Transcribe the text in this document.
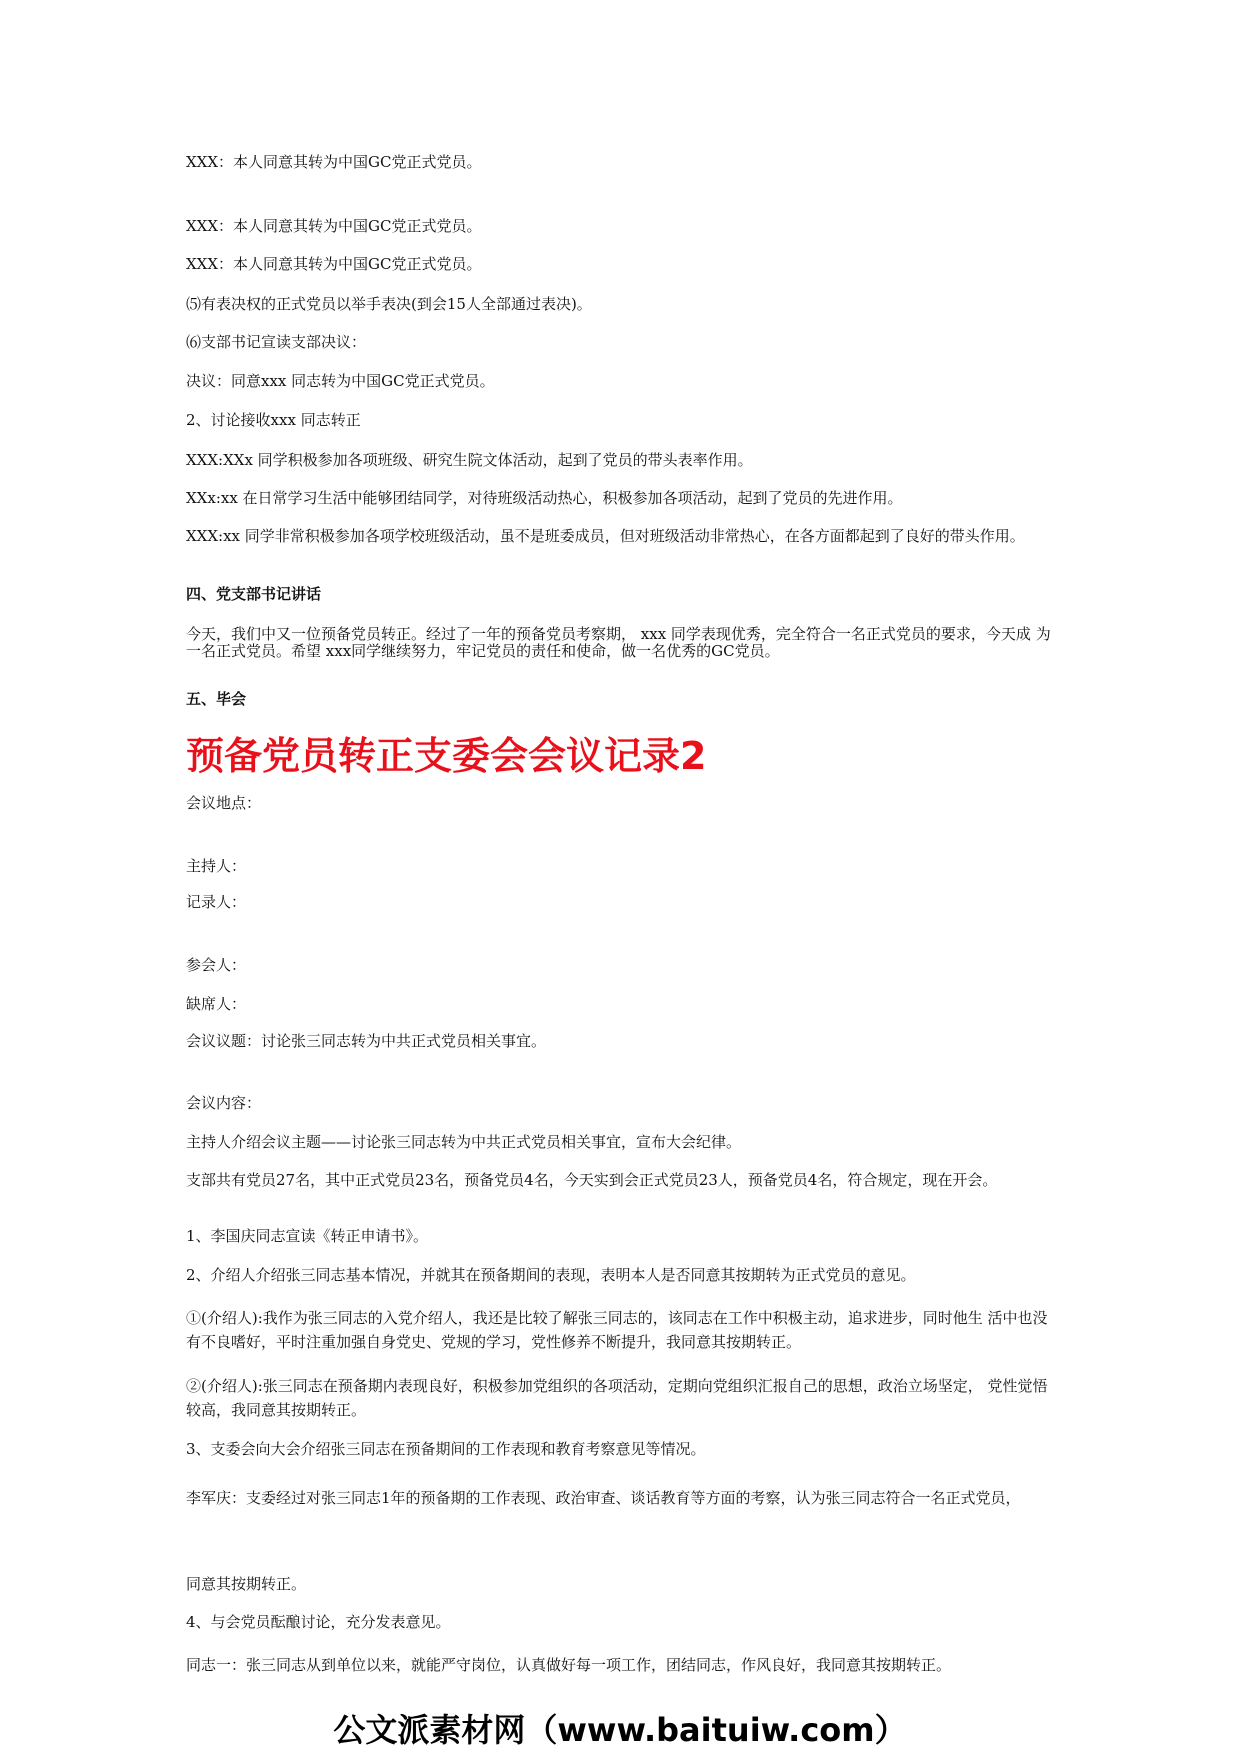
XXX：本人同意其转为中国GC党正式党员。

XXX：本人同意其转为中国GC党正式党员。

XXX：本人同意其转为中国GC党正式党员。

⑸有表决权的正式党员以举手表决(到会15人全部通过表决)。

⑹支部书记宣读支部决议：

决议：同意xxx 同志转为中国GC党正式党员。

2、讨论接收xxx 同志转正

XXX:XXx 同学积极参加各项班级、研究生院文体活动，起到了党员的带头表率作用。

XXx:xx 在日常学习生活中能够团结同学，对待班级活动热心，积极参加各项活动，起到了党员的先进作用。

XXX:xx 同学非常积极参加各项学校班级活动，虽不是班委成员，但对班级活动非常热心，在各方面都起到了良好的带头作用。

四、党支部书记讲话

今天，我们中又一位预备党员转正。经过了一年的预备党员考察期， xxx 同学表现优秀，完全符合一名正式党员的要求，今天成 为一名正式党员。希望 xxx同学继续努力，牢记党员的责任和使命，做一名优秀的GC党员。

五、毕会

预备党员转正支委会会议记录2

会议地点：

主持人：

记录人：

参会人：

缺席人：

会议议题：讨论张三同志转为中共正式党员相关事宜。

会议内容：

主持人介绍会议主题——讨论张三同志转为中共正式党员相关事宜，宣布大会纪律。

支部共有党员27名，其中正式党员23名，预备党员4名，今天实到会正式党员23人，预备党员4名，符合规定，现在开会。

1、李国庆同志宣读《转正申请书》。

2、介绍人介绍张三同志基本情况，并就其在预备期间的表现，表明本人是否同意其按期转为正式党员的意见。

①(介绍人):我作为张三同志的入党介绍人，我还是比较了解张三同志的，该同志在工作中积极主动，追求进步，同时他生 活中也没有不良嗜好，平时注重加强自身党史、党规的学习，党性修养不断提升，我同意其按期转正。

②(介绍人):张三同志在预备期内表现良好，积极参加党组织的各项活动，定期向党组织汇报自己的思想，政治立场坚定， 党性觉悟较高，我同意其按期转正。

3、支委会向大会介绍张三同志在预备期间的工作表现和教育考察意见等情况。

李军庆：支委经过对张三同志1年的预备期的工作表现、政治审查、谈话教育等方面的考察，认为张三同志符合一名正式党员，

同意其按期转正。

4、与会党员酝酿讨论，充分发表意见。

同志一：张三同志从到单位以来，就能严守岗位，认真做好每一项工作，团结同志，作风良好，我同意其按期转正。

公文派素材网（www.baituiw.com）
